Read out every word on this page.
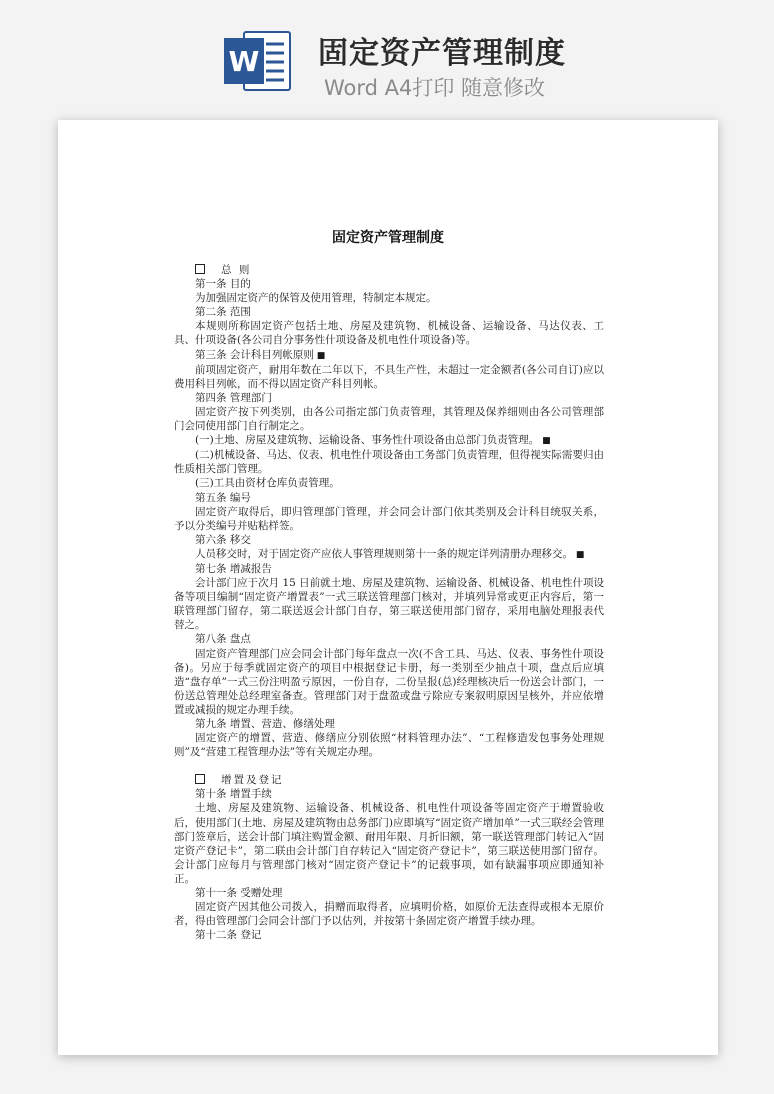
W 固定资产管理制度
Word A4打印 随意修改
固定资产管理制度

总 则

第一条 目的

为加强固定资产的保管及使用管理，特制定本规定。

第二条 范围

本规则所称固定资产包括土地、房屋及建筑物、机械设备、运输设备、马达仪表、工具、什项设备(各公司自分事务性什项设备及机电性什项设备)等。

第三条 会计科目列帐原则 ■

前项固定资产，耐用年数在二年以下，不具生产性，未超过一定金额者(各公司自订)应以费用科目列帐，而不得以固定资产科目列帐。

第四条 管理部门

固定资产按下列类别，由各公司指定部门负责管理，其管理及保养细则由各公司管理部门会同使用部门自行制定之。

(一)土地、房屋及建筑物、运输设备、事务性什项设备由总部门负责管理。 ■

(二)机械设备、马达、仪表、机电性什项设备由工务部门负责管理，但得视实际需要归由性质相关部门管理。

(三)工具由资材仓库负责管理。

第五条 编号

固定资产取得后，即归管理部门管理，并会同会计部门依其类别及会计科目统驭关系，予以分类编号并贴粘样签。

第六条 移交

人员移交时，对于固定资产应依人事管理规则第十一条的规定详列清册办理移交。 ■

第七条 增减报告

会计部门应于次月 15 日前就土地、房屋及建筑物、运输设备、机械设备、机电性什项设备等项目编制“固定资产增置表”一式三联送管理部门核对，并填列异常或更正内容后，第一联管理部门留存，第二联送返会计部门自存，第三联送使用部门留存，采用电脑处理报表代替之。

第八条 盘点

固定资产管理部门应会同会计部门每年盘点一次(不含工具、马达、仪表、事务性什项设备)。另应于每季就固定资产的项目中根据登记卡册，每一类别至少抽点十项，盘点后应填造“盘存单”一式三份注明盈亏原因，一份自存，二份呈报(总)经理核决后一份送会计部门，一份送总管理处总经理室备查。管理部门对于盘盈或盘亏除应专案叙明原因呈核外，并应依增置或减损的规定办理手续。

第九条 增置、营造、修缮处理

固定资产的增置、营造、修缮应分别依照“材料管理办法”、“工程修造发包事务处理规则”及“营建工程管理办法”等有关规定办理。

增置及登记

第十条 增置手续

土地、房屋及建筑物、运输设备、机械设备、机电性什项设备等固定资产于增置验收后，使用部门(土地、房屋及建筑物由总务部门)应即填写“固定资产增加单”一式三联经会管理部门签章后，送会计部门填注购置金额、耐用年限、月折旧额，第一联送管理部门转记入“固定资产登记卡”，第二联由会计部门自存转记入“固定资产登记卡”，第三联送使用部门留存。会计部门应每月与管理部门核对“固定资产登记卡”的记载事项，如有缺漏事项应即通知补正。

第十一条 受赠处理

固定资产因其他公司拨入，捐赠而取得者，应填明价格，如原价无法查得或根本无原价者，得由管理部门会同会计部门予以估列，并按第十条固定资产增置手续办理。

第十二条 登记
